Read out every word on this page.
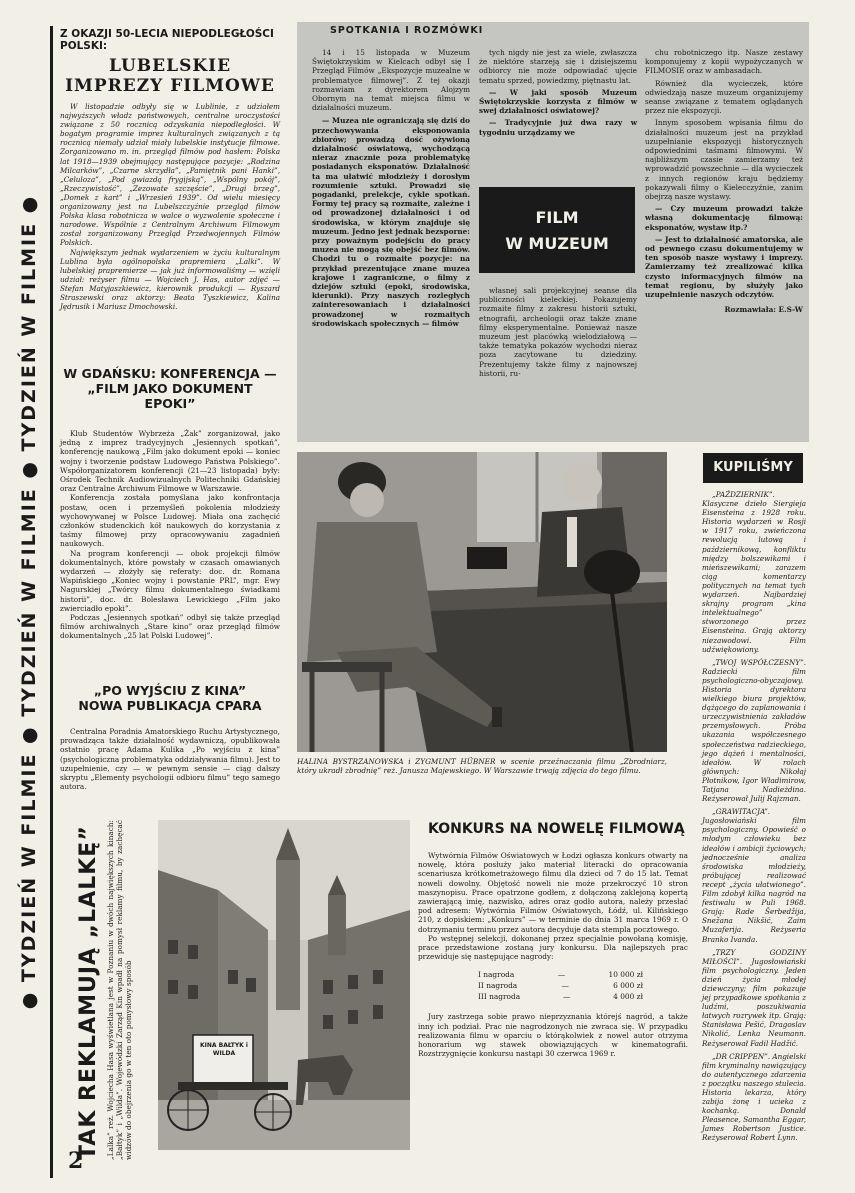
● TYDZIEŃ W FILMIE ● TYDZIEŃ W FILMIE ● TYDZIEŃ W FILMIE ●
Z OKAZJI 50-LECIA NIEPODLEGŁOŚCI POLSKI:
LUBELSKIE
IMPREZY FILMOWE

W listopadzie odbyły się w Lublinie, z udziałem najwyższych władz państwowych, centralne uroczystości związane z 50 rocznicą odzyskania niepodległości. W bogatym programie imprez kulturalnych związanych z tą rocznicą niemały udział miały lubelskie instytucje filmowe. Zorganizowano m. in. przegląd filmów pod hasłem: Polska lat 1918—1939 obejmujący następujące pozycje: „Rodzina Milcarków”, „Czarne skrzydła”, „Pamiętnik pani Hanki”, „Celuloza”, „Pod gwiazdą frygijską”, „Wspólny pokój”, „Rzeczywistość”, „Zezowate szczęście”, „Drugi brzeg”, „Domek z kart” i „Wrzesień 1939”. Od wielu miesięcy organizowany jest na Lubelszczyźnie przegląd filmów Polska klasa robotnicza w walce o wyzwolenie społeczne i narodowe. Wspólnie z Centralnym Archiwum Filmowym został zorganizowany Przegląd Przedwojennych Filmów Polskich.

Największym jednak wydarzeniem w życiu kulturalnym Lublina była ogólnopolska prapremiera „Lalki”. W lubelskiej prapremierze — jak już informowaliśmy — wzięli udział: reżyser filmu — Wojciech J. Has, autor zdjęć — Stefan Matyjaszkiewicz, kierownik produkcji — Ryszard Straszewski oraz aktorzy: Beata Tyszkiewicz, Kalina Jędrusik i Mariusz Dmochowski.

W GDAŃSKU: KONFERENCJA —
„FILM JAKO DOKUMENT EPOKI”

Klub Studentów Wybrzeża „Żak” zorganizował, jako jedną z imprez tradycyjnych „Jesiennych spotkań”, konferencję naukową „Film jako dokument epoki — koniec wojny i tworzenie podstaw Ludowego Państwa Polskiego”. Współorganizatorem konferencji (21—23 listopada) były: Ośrodek Technik Audiowizualnych Politechniki Gdańskiej oraz Centralne Archiwum Filmowe w Warszawie.

Konferencja została pomyślana jako konfrontacja postaw, ocen i przemyśleń pokolenia młodzieży wychowywanej w Polsce Ludowej. Miała ona zachęcić członków studenckich kół naukowych do korzystania z taśmy filmowej przy opracowywaniu zagadnień naukowych.

Na program konferencji — obok projekcji filmów dokumentalnych, które powstały w czasach omawianych wydarzeń — złożyły się referaty: doc. dr. Romana Wapińskiego „Koniec wojny i powstanie PRL”, mgr. Ewy Nagurskiej „Twórcy filmu dokumentalnego świadkami historii”, doc. dr. Bolesława Lewickiego „Film jako zwierciadło epoki”.

Podczas „Jesiennych spotkań” odbył się także przegląd filmów archiwalnych „Stare kino” oraz przegląd filmów dokumentalnych „25 lat Polski Ludowej”.

„PO WYJŚCIU Z KINA”
NOWA PUBLIKACJA CPARA

Centralna Poradnia Amatorskiego Ruchu Artystycznego, prowadząca także działalność wydawniczą, opublikowała ostatnio pracę Adama Kulika „Po wyjściu z kina” (psychologiczna problematyka oddziaływania filmu). Jest to uzupełnienie, czy — w pewnym sensie — ciąg dalszy skryptu „Elementy psychologii odbioru filmu” tego samego autora.

TAK REKLAMUJĄ „LALKĘ” „Lalka” reż. Wojciecha Hasa wyświetlana jest w Poznaniu w dwóch największych kinach: „Bałtyk” i „Wilda”. Wojewódzki Zarząd Kin wpadł na pomysł reklamy filmu, by zachęcać widzów do obejrzenia go w ten oto pomysłowy sposób	KINA BAŁTYK i WILDA
SPOTKANIA I ROZMÓWKI

14 i 15 listopada w Muzeum Świętokrzyskim w Kielcach odbył się I Przegląd Filmów „Ekspozycje muzealne w problematyce filmowej”. Z tej okazji rozmawiam z dyrektorem Alojzym Obornym na temat miejsca filmu w działalności muzeum.

— Muzea nie ograniczają się dziś do przechowywania eksponowania zbiorów; prowadzą dość ożywioną działalność oświatową, wychodzącą nieraz znacznie poza problematykę posiadanych eksponatów. Działalność ta ma ułatwić młodzieży i dorosłym rozumienie sztuki. Prowadzi się pogadanki, prelekcje, cykle spotkań. Formy tej pracy są rozmaite, zależne i od prowadzonej działalności i od środowiska, w którym znajduje się muzeum. Jedno jest jednak bezsporne: przy poważnym podejściu do pracy muzea nie mogą się obejść bez filmów. Chodzi tu o rozmaite pozycje: na przykład prezentujące znane muzea krajowe i zagraniczne, o filmy z dziejów sztuki (epoki, środowiska, kierunki). Przy naszych rozległych zainteresowaniach i działalności prowadzonej w rozmaitych środowiskach społecznych — filmów

tych nigdy nie jest za wiele, zwłaszcza że niektóre starzeją się i dzisiejszemu odbiorcy nie może odpowiadać ujęcie tematu sprzed, powiedzmy, piętnastu lat.

— W jaki sposób Muzeum Świętokrzyskie korzysta z filmów w swej działalności oświatowej?

— Tradycyjnie już dwa razy w tygodniu urządzamy we

FILM
W MUZEUM

własnej sali projekcyjnej seanse dla publiczności kieleckiej. Pokazujemy rozmaite filmy z zakresu historii sztuki, etnografii, archeologii oraz także znane filmy eksperymentalne. Ponieważ nasze muzeum jest placówką wielodziałową — także tematyka pokazów wychodzi nieraz poza zacytowane tu dziedziny. Prezentujemy także filmy z najnowszej historii, ru-

chu robotniczego itp. Nasze zestawy komponujemy z kopii wypożyczanych w FILMOSIE oraz w ambasadach.

Również dla wycieczek, które odwiedzają nasze muzeum organizujemy seanse związane z tematem oglądanych przez nie ekspozycji.

Innym sposobem wpisania filmu do działalności muzeum jest na przykład uzupełnianie ekspozycji historycznych odpowiednimi taśmami filmowymi. W najbliższym czasie zamierzamy też wprowadzić powszechnie — dla wycieczek z innych regionów kraju będziemy pokazywali filmy o Kielecczyźnie, zanim obejrzą nasze wystawy.

— Czy muzeum prowadzi także własną dokumentację filmową: eksponatów, wystaw itp.?

— Jest to działalność amatorska, ale od pewnego czasu dokumentujemy w ten sposób nasze wystawy i imprezy. Zamierzamy też zrealizować kilka czysto informacyjnych filmów na temat regionu, by służyły jako uzupełnienie naszych odczytów.

Rozmawiała: E.S-W

HALINA BYSTRZANOWSKA i ZYGMUNT HÜBNER w scenie przeźnaczania filmu „Zbrodniarz, który ukradł zbrodnię” reż. Janusza Majewskiego. W Warszawie trwają zdjęcia do tego filmu.
KONKURS NA NOWELĘ FILMOWĄ

Wytwórnia Filmów Oświatowych w Łodzi ogłasza konkurs otwarty na nowelę, która posłuży jako materiał literacki do opracowania scenariusza krótkometrażowego filmu dla dzieci od 7 do 15 lat. Temat noweli dowolny. Objętość noweli nie może przekroczyć 10 stron maszynopisu. Prace opatrzone godłem, z dołączoną zaklejoną kopertą zawierającą imię, nazwisko, adres oraz godło autora, należy przesłać pod adresem: Wytwórnia Filmów Oświatowych, Łódź, ul. Kilińskiego 210, z dopiskiem: „Konkurs” — w terminie do dnia 31 marca 1969 r. O dotrzymaniu terminu przez autora decyduje data stempla pocztowego.

Po wstępnej selekcji, dokonanej przez specjalnie powołaną komisję, prace przedstawione zostaną jury konkursu. Dla najlepszych prac przewiduje się następujące nagrody:

I nagroda	—	10 000 zł
II nagroda	—	6 000 zł
III nagroda	—	4 000 zł

Jury zastrzega sobie prawo nieprzyznania którejś nagród, a także inny ich podział. Prac nie nagrodzonych nie zwraca się. W przypadku realizowania filmu w oparciu o którąkolwiek z nowel autor otrzyma honorarium wg stawek obowiązujących w kinematografii. Rozstrzygnięcie konkursu nastąpi 30 czerwca 1969 r.

KUPILIŚMY

„PAŹDZIERNIK”. Klasyczne dzieło Siergieja Eisensteina z 1928 roku. Historia wydarzeń w Rosji w 1917 roku, zwieńczona rewolucją lutową i październikową, konfliktu między bolszewikami i mieńszewikami; zarazem ciąg komentarzy politycznych na temat tych wydarzeń. Najbardziej skrajny program „kina intelektualnego” stworzonego przez Eisensteina. Grają aktorzy niezawodowi. Film udźwiękowiony.

„TWOJ WSPÓŁCZESNY”. Radziecki film psychologiczno-obyczajowy. Historia dyrektora wielkiego biura projektów, dążącego do zaplanowania i urzeczywistnienia zakładów przemysłowych. Próba ukazania współczesnego społeczeństwa radzieckiego, jego dążeń i mentalności, ideałów. W rolach głównych: Nikołaj Płotnikow, Igor Władimirow, Tatjana Nadieżdina. Reżyserował Julij Rajzman.

„GRAWITACJA”. Jugosłowiański film psychologiczny. Opowieść o młodym człowieku bez ideałów i ambicji życiowych; jednocześnie analiza środowiska młodzieży, próbującej realizować recept „życia ułatwionego”. Film zdobył kilka nagród na festiwalu w Puli 1968. Grają: Rade Šerbedžija, Snežana Nikšić, Zaim Muzaferija. Reżyseria Branko Ivanda.

„TRZY GODZINY MIŁOŚCI”. Jugosłowiański film psychologiczny. Jeden dzień życia młodej dziewczyny; film pokazuje jej przypadkowe spotkania z ludźmi, poszukiwania łatwych rozrywek itp. Grają: Stanisława Pešić, Dragoslav Nikolić, Lenka Neumann. Reżyserował Fadil Hadžić.

„DR CRIPPEN”. Angielski film kryminalny nawiązujący do autentycznego zdarzenia z początku naszego stulecia. Historia lekarza, który zabija żonę i ucieka z kochanką. Donald Pleasence, Samantha Eggar, James Robertson Justice. Reżyserował Robert Lynn.

2
